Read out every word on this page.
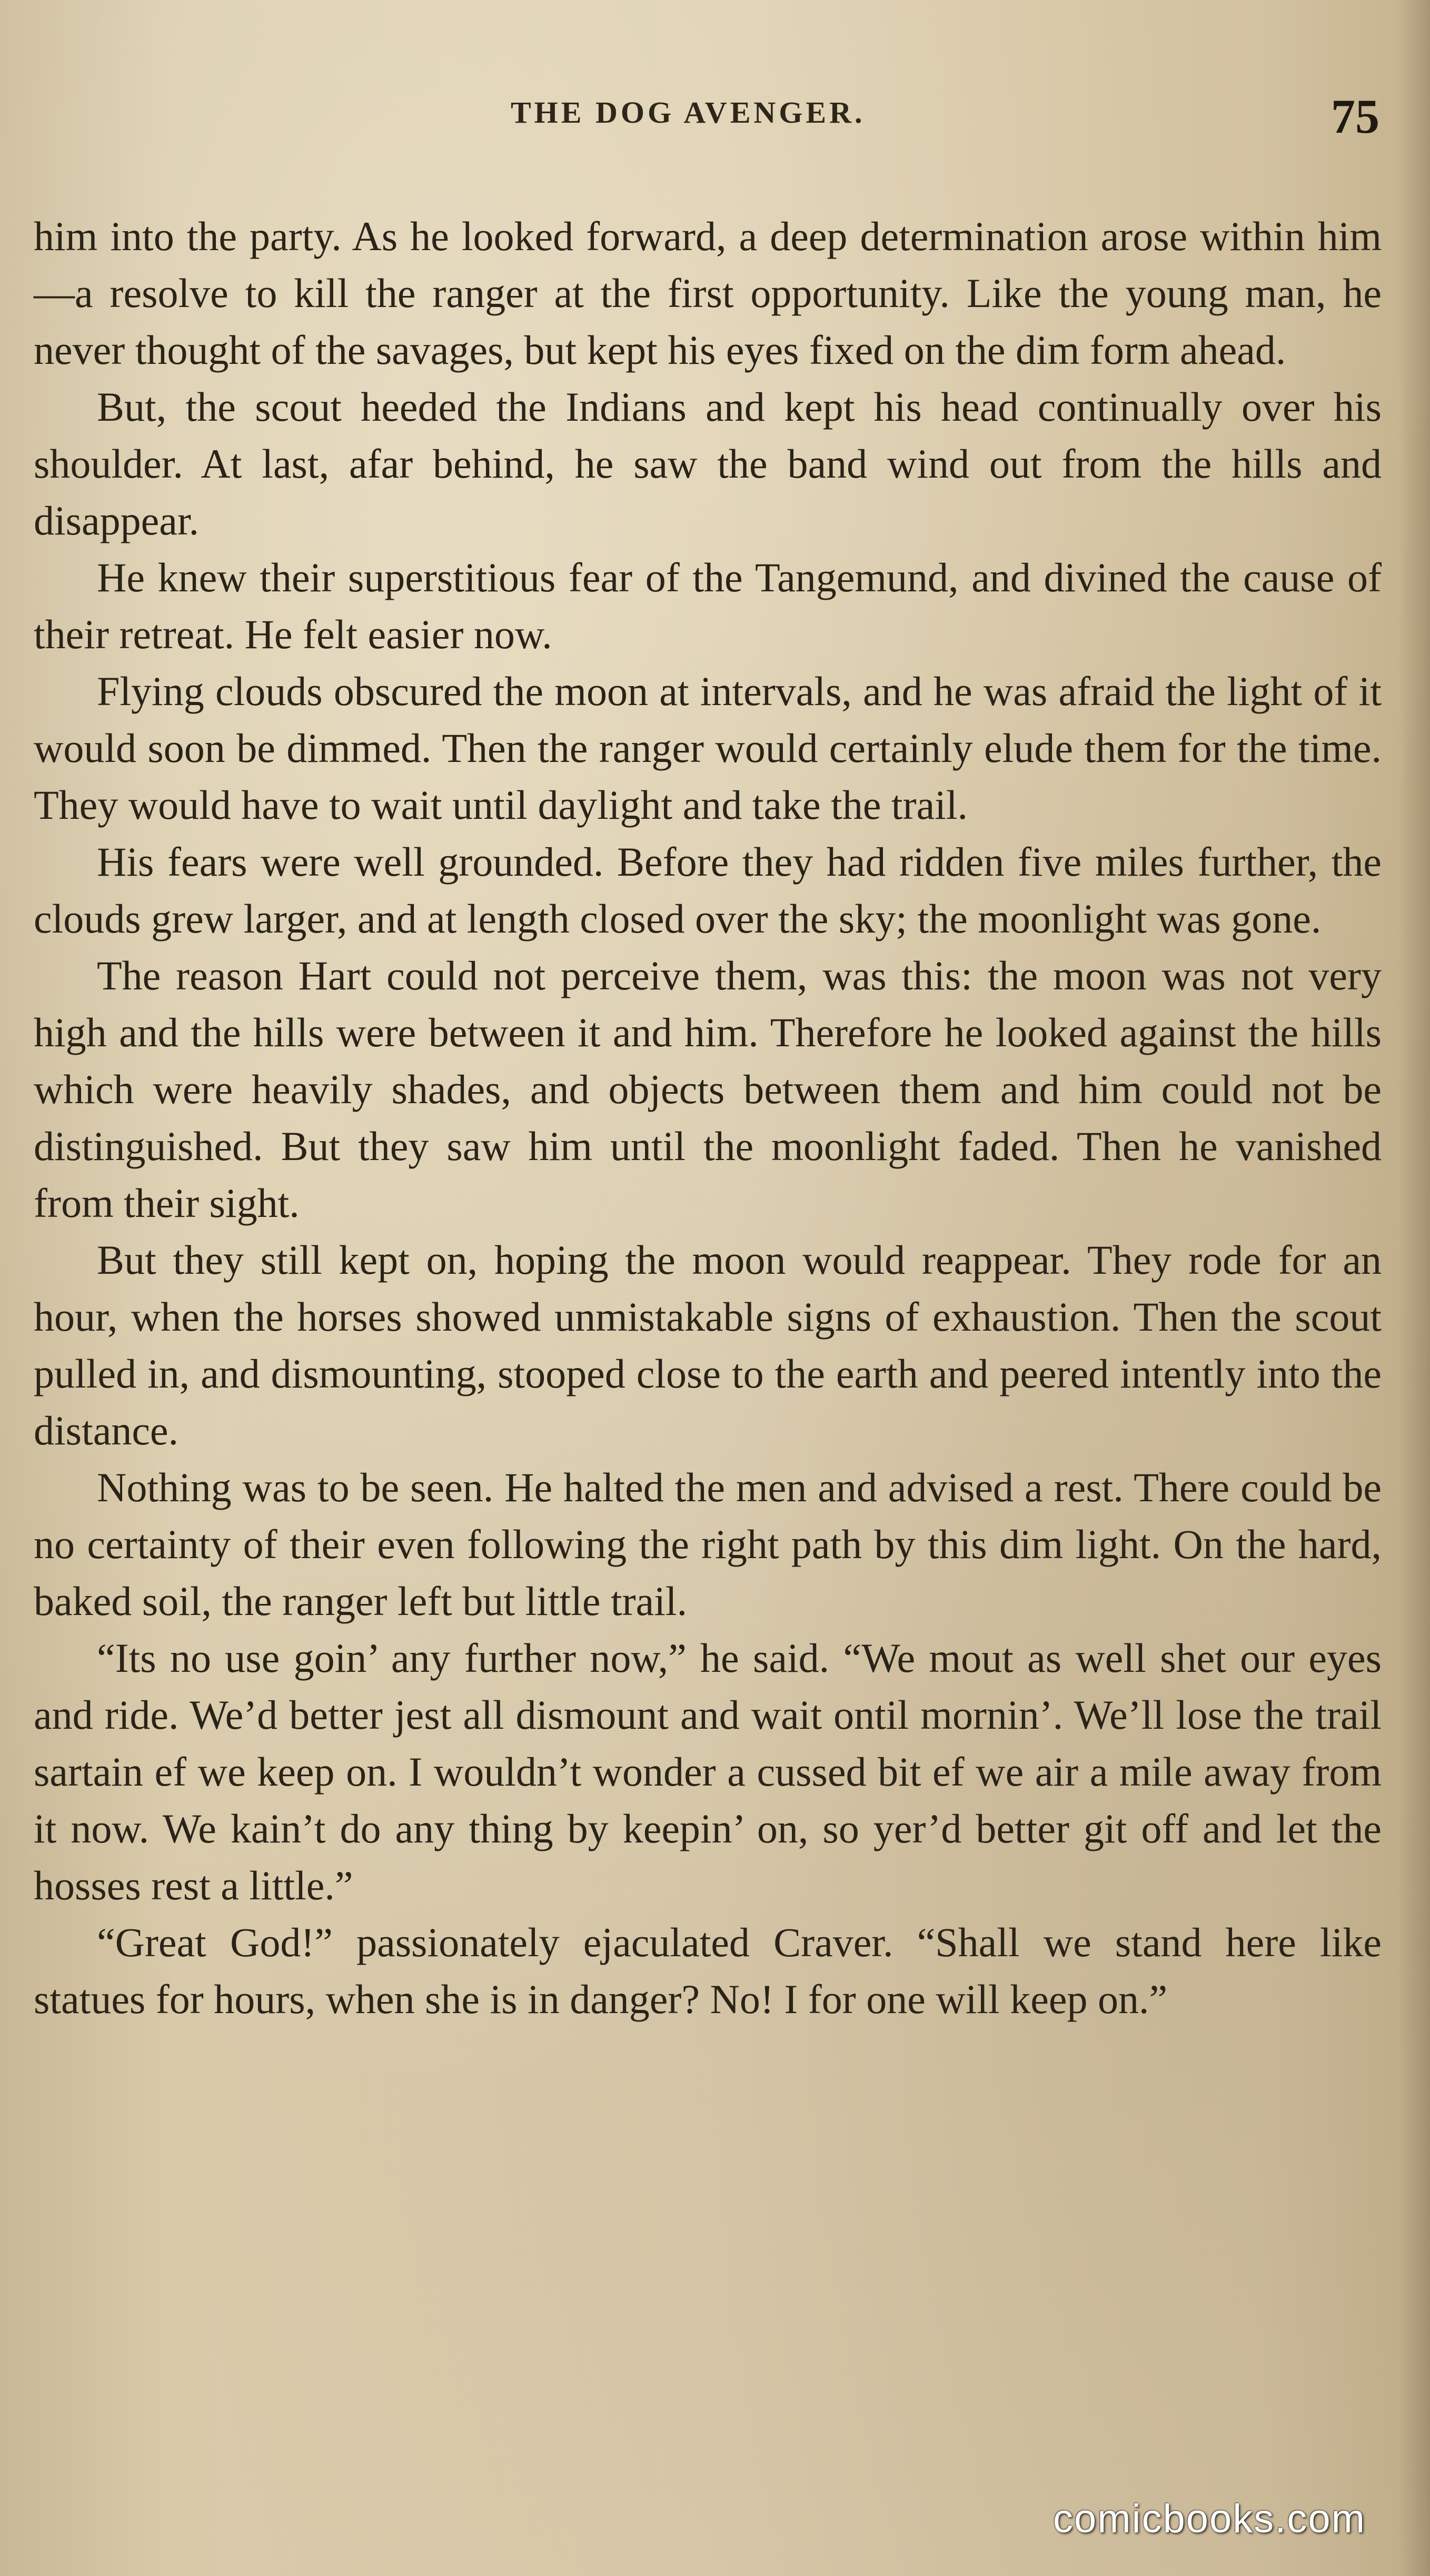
THE DOG AVENGER.	75

him into the party. As he looked forward, a deep determination arose within him—a resolve to kill the ranger at the first opportunity. Like the young man, he never thought of the savages, but kept his eyes fixed on the dim form ahead.

But, the scout heeded the Indians and kept his head continually over his shoulder. At last, afar behind, he saw the band wind out from the hills and disappear.

He knew their superstitious fear of the Tangemund, and divined the cause of their retreat. He felt easier now.

Flying clouds obscured the moon at intervals, and he was afraid the light of it would soon be dimmed. Then the ranger would certainly elude them for the time. They would have to wait until daylight and take the trail.

His fears were well grounded. Before they had ridden five miles further, the clouds grew larger, and at length closed over the sky; the moonlight was gone.

The reason Hart could not perceive them, was this: the moon was not very high and the hills were between it and him. Therefore he looked against the hills which were heavily shades, and objects between them and him could not be distinguished. But they saw him until the moonlight faded. Then he vanished from their sight.

But they still kept on, hoping the moon would reappear. They rode for an hour, when the horses showed unmistakable signs of exhaustion. Then the scout pulled in, and dismounting, stooped close to the earth and peered intently into the distance.

Nothing was to be seen. He halted the men and advised a rest. There could be no certainty of their even following the right path by this dim light. On the hard, baked soil, the ranger left but little trail.

“Its no use goin’ any further now,” he said. “We mout as well shet our eyes and ride. We’d better jest all dismount and wait ontil mornin’. We’ll lose the trail sartain ef we keep on. I wouldn’t wonder a cussed bit ef we air a mile away from it now. We kain’t do any thing by keepin’ on, so yer’d better git off and let the hosses rest a little.”

“Great God!” passionately ejaculated Craver. “Shall we stand here like statues for hours, when she is in danger? No! I for one will keep on.”

comicbooks.com
